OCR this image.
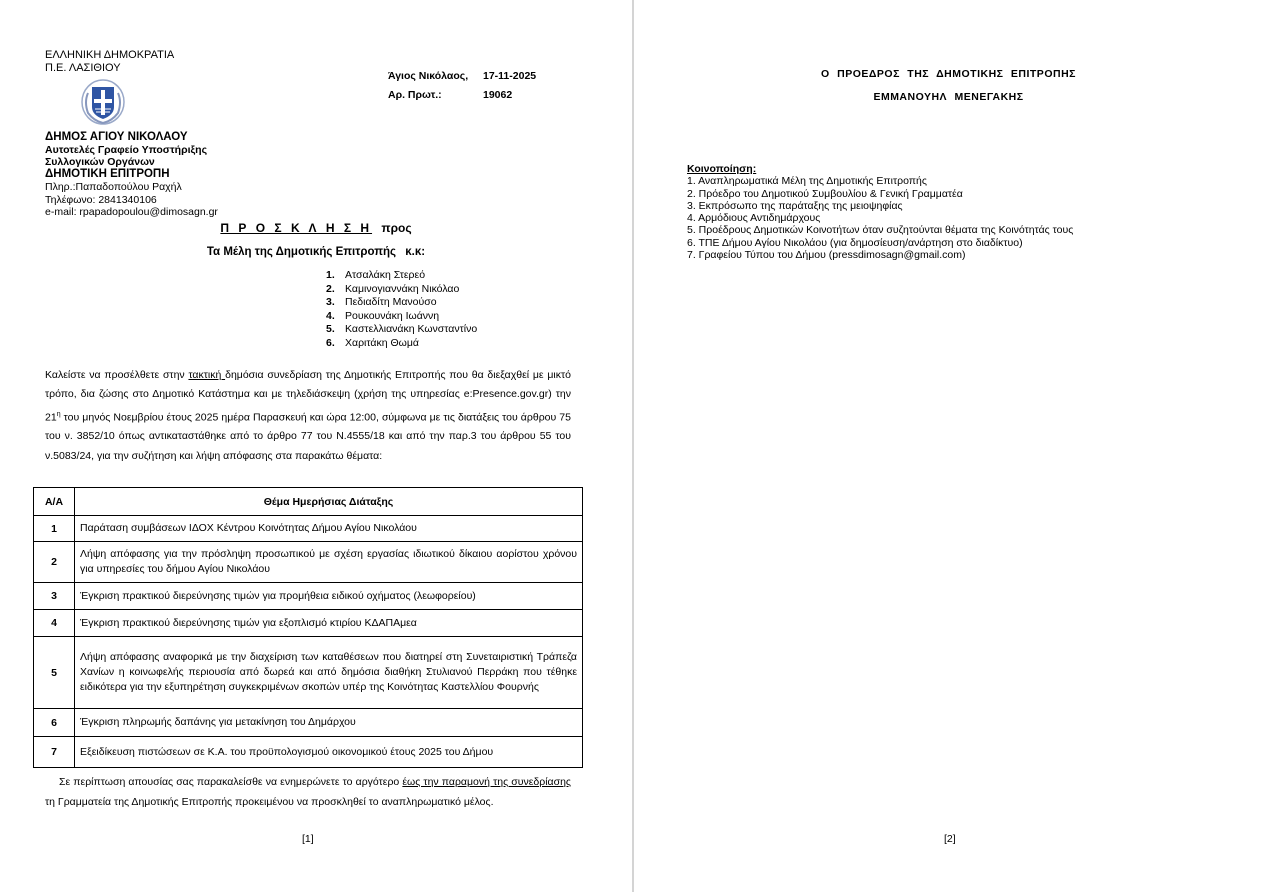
ΕΛΛΗΝΙΚΗ ΔΗΜΟΚΡΑΤΙΑ
Π.Ε. ΛΑΣΙΘΙΟΥ
ΔΗΜΟΣ ΑΓΙΟΥ ΝΙΚΟΛΑΟΥ
Αυτοτελές Γραφείο Υποστήριξης
Συλλογικών Οργάνων
ΔΗΜΟΤΙΚΗ ΕΠΙΤΡΟΠΗ
Πληρ.:Παπαδοπούλου Ραχήλ
Τηλέφωνο: 2841340106
e-mail: rpapadopoulou@dimosagn.gr
Άγιος Νικόλαος,	17-11-2025
Αρ. Πρωτ.:	19062
Π Ρ Ο Σ Κ Λ Η Σ Η προς
Τα Μέλη της Δημοτικής Επιτροπής κ.κ:
1. Ατσαλάκη Στερεό
2. Καμινογιαννάκη Νικόλαο
3. Πεδιαδίτη Μανούσο
4. Ρουκουνάκη Ιωάννη
5. Καστελλιανάκη Κωνσταντίνο
6. Χαριτάκη Θωμά
Καλείστε να προσέλθετε στην τακτική δημόσια συνεδρίαση της Δημοτικής Επιτροπής που θα διεξαχθεί με μικτό τρόπο, δια ζώσης στο Δημοτικό Κατάστημα και με τηλεδιάσκεψη (χρήση της υπηρεσίας e:Presence.gov.gr) την $21^\eta$ του μηνός Νοεμβρίου έτους 2025 ημέρα Παρασκευή και ώρα 12:00, σύμφωνα με τις διατάξεις του άρθρου 75 του ν. 3852/10 όπως αντικαταστάθηκε από το άρθρο 77 του Ν.4555/18 και από την παρ.3 του άρθρου 55 του ν.5083/24, για την συζήτηση και λήψη απόφασης στα παρακάτω θέματα:
Α/Α	Θέμα Ημερήσιας Διάταξης
1	Παράταση συμβάσεων ΙΔΟΧ Κέντρου Κοινότητας Δήμου Αγίου Νικολάου
2	Λήψη απόφασης για την πρόσληψη προσωπικού με σχέση εργασίας ιδιωτικού δίκαιου αορίστου χρόνου για υπηρεσίες του δήμου Αγίου Νικολάου
3	Έγκριση πρακτικού διερεύνησης τιμών για προμήθεια ειδικού οχήματος (λεωφορείου)
4	Έγκριση πρακτικού διερεύνησης τιμών για εξοπλισμό κτιρίου ΚΔΑΠΑμεα
5	Λήψη απόφασης αναφορικά με την διαχείριση των καταθέσεων που διατηρεί στη Συνεταιριστική Τράπεζα Χανίων η κοινωφελής περιουσία από δωρεά και από δημόσια διαθήκη Στυλιανού Περράκη που τέθηκε ειδικότερα για την εξυπηρέτηση συγκεκριμένων σκοπών υπέρ της Κοινότητας Καστελλίου Φουρνής
6	Έγκριση πληρωμής δαπάνης για μετακίνηση του Δημάρχου
7	Εξειδίκευση πιστώσεων σε Κ.Α. του προϋπολογισμού οικονομικού έτους 2025 του Δήμου
Σε περίπτωση απουσίας σας παρακαλείσθε να ενημερώνετε το αργότερο έως την παραμονή της συνεδρίασης τη Γραμματεία της Δημοτικής Επιτροπής προκειμένου να προσκληθεί το αναπληρωματικό μέλος.
[1]
Ο ΠΡΟΕΔΡΟΣ ΤΗΣ ΔΗΜΟΤΙΚΗΣ ΕΠΙΤΡΟΠΗΣ
ΕΜΜΑΝΟΥΗΛ ΜΕΝΕΓΑΚΗΣ
Κοινοποίηση:
1. Αναπληρωματικά Μέλη της Δημοτικής Επιτροπής
2. Πρόεδρο του Δημοτικού Συμβουλίου & Γενική Γραμματέα
3. Εκπρόσωπο της παράταξης της μειοψηφίας
4. Αρμόδιους Αντιδημάρχους
5. Προέδρους Δημοτικών Κοινοτήτων όταν συζητούνται θέματα της Κοινότητάς τους
6. ΤΠΕ Δήμου Αγίου Νικολάου (για δημοσίευση/ανάρτηση στο διαδίκτυο)
7. Γραφείου Τύπου του Δήμου (pressdimosagn@gmail.com)
[2]
